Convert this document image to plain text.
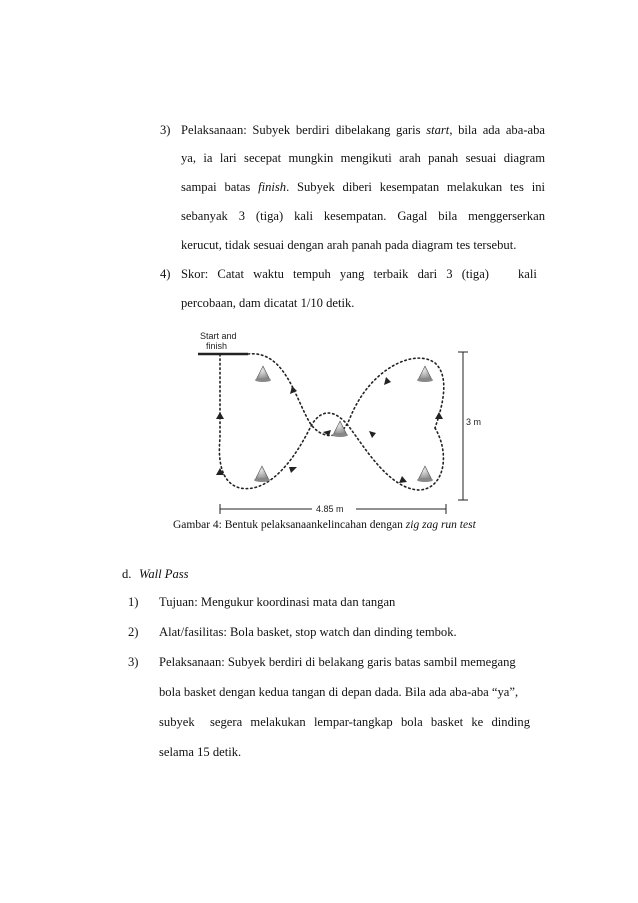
3) Pelaksanaan: Subyek berdiri dibelakang garis start, bila ada aba-aba
ya, ia lari secepat mungkin mengikuti arah panah sesuai diagram
sampai batas finish. Subyek diberi kesempatan melakukan tes ini
sebanyak 3 (tiga) kali kesempatan. Gagal bila menggerserkan
kerucut, tidak sesuai dengan arah panah pada diagram tes tersebut.
4) Skor: Catat waktu tempuh yang terbaik dari 3 (tiga) kali
percobaan, dam dicatat 1/10 detik.
Start and
finish
3 m
4.85 m
Gambar 4: Bentuk pelaksanaankelincahan dengan zig zag run test
d. Wall Pass
1) Tujuan: Mengukur koordinasi mata dan tangan
2) Alat/fasilitas: Bola basket, stop watch dan dinding tembok.
3) Pelaksanaan: Subyek berdiri di belakang garis batas sambil memegang
bola basket dengan kedua tangan di depan dada. Bila ada aba-aba “ya”,
subyek segera melakukan lempar-tangkap bola basket ke dinding
selama 15 detik.
